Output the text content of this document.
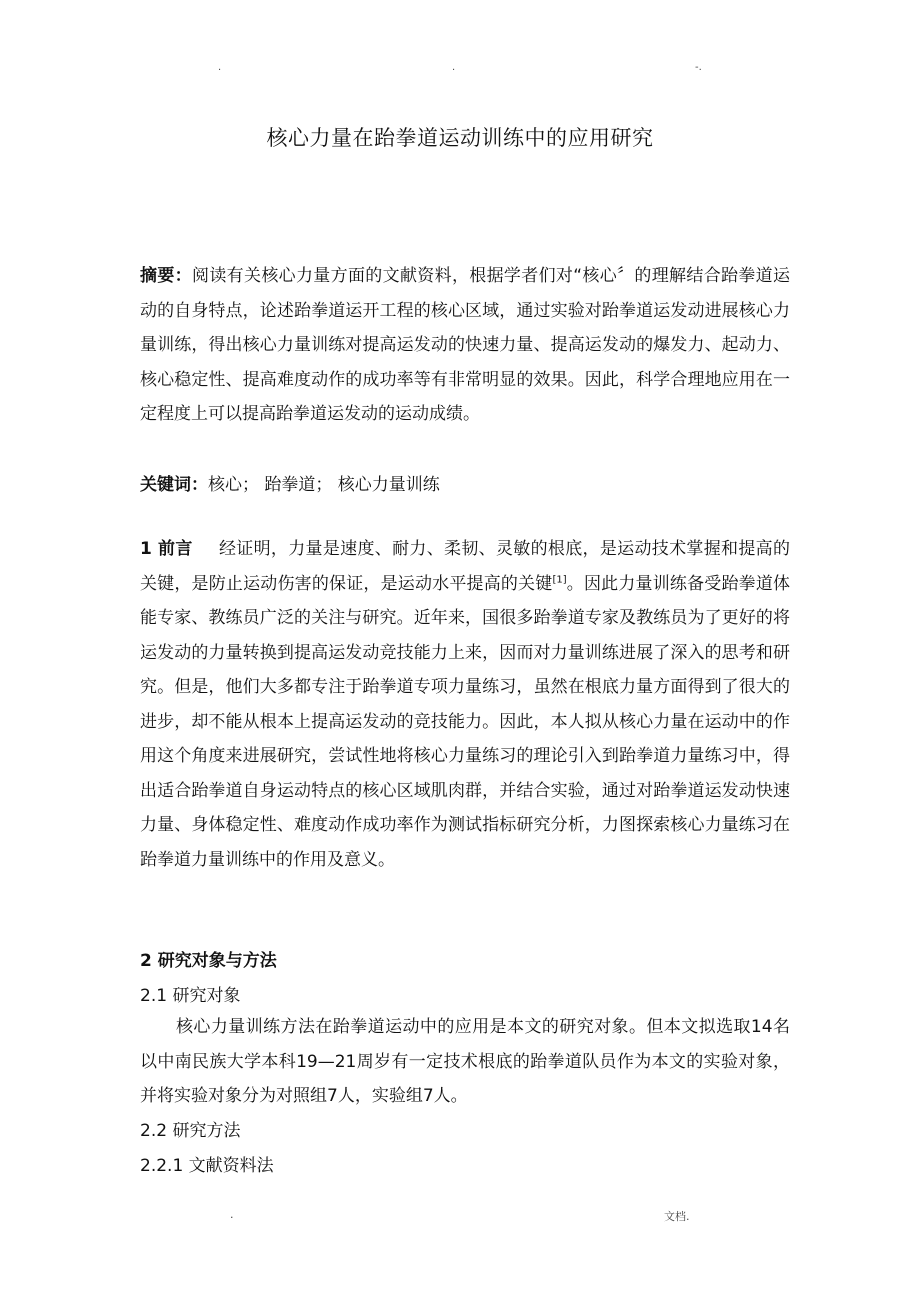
.	.	-.
核心力量在跆拳道运动训练中的应用研究
摘要：阅读有关核心力量方面的文献资料，根据学者们对“核心〞的理解结合跆拳道运动的自身特点，论述跆拳道运开工程的核心区域，通过实验对跆拳道运发动进展核心力量训练，得出核心力量训练对提高运发动的快速力量、提高运发动的爆发力、起动力、核心稳定性、提高难度动作的成功率等有非常明显的效果。因此，科学合理地应用在一定程度上可以提高跆拳道运发动的运动成绩。
关键词：核心； 跆拳道； 核心力量训练
1 前言 经证明，力量是速度、耐力、柔韧、灵敏的根底，是运动技术掌握和提高的关键，是防止运动伤害的保证，是运动水平提高的关键[1]。因此力量训练备受跆拳道体能专家、教练员广泛的关注与研究。近年来，国很多跆拳道专家及教练员为了更好的将运发动的力量转换到提高运发动竞技能力上来，因而对力量训练进展了深入的思考和研究。但是，他们大多都专注于跆拳道专项力量练习，虽然在根底力量方面得到了很大的进步，却不能从根本上提高运发动的竞技能力。因此，本人拟从核心力量在运动中的作用这个角度来进展研究，尝试性地将核心力量练习的理论引入到跆拳道力量练习中，得出适合跆拳道自身运动特点的核心区域肌肉群，并结合实验，通过对跆拳道运发动快速力量、身体稳定性、难度动作成功率作为测试指标研究分析，力图探索核心力量练习在跆拳道力量训练中的作用及意义。
2 研究对象与方法
2.1 研究对象
核心力量训练方法在跆拳道运动中的应用是本文的研究对象。但本文拟选取14名以中南民族大学本科19—21周岁有一定技术根底的跆拳道队员作为本文的实验对象，并将实验对象分为对照组7人，实验组7人。
2.2 研究方法
2.2.1 文献资料法
.	文档.
